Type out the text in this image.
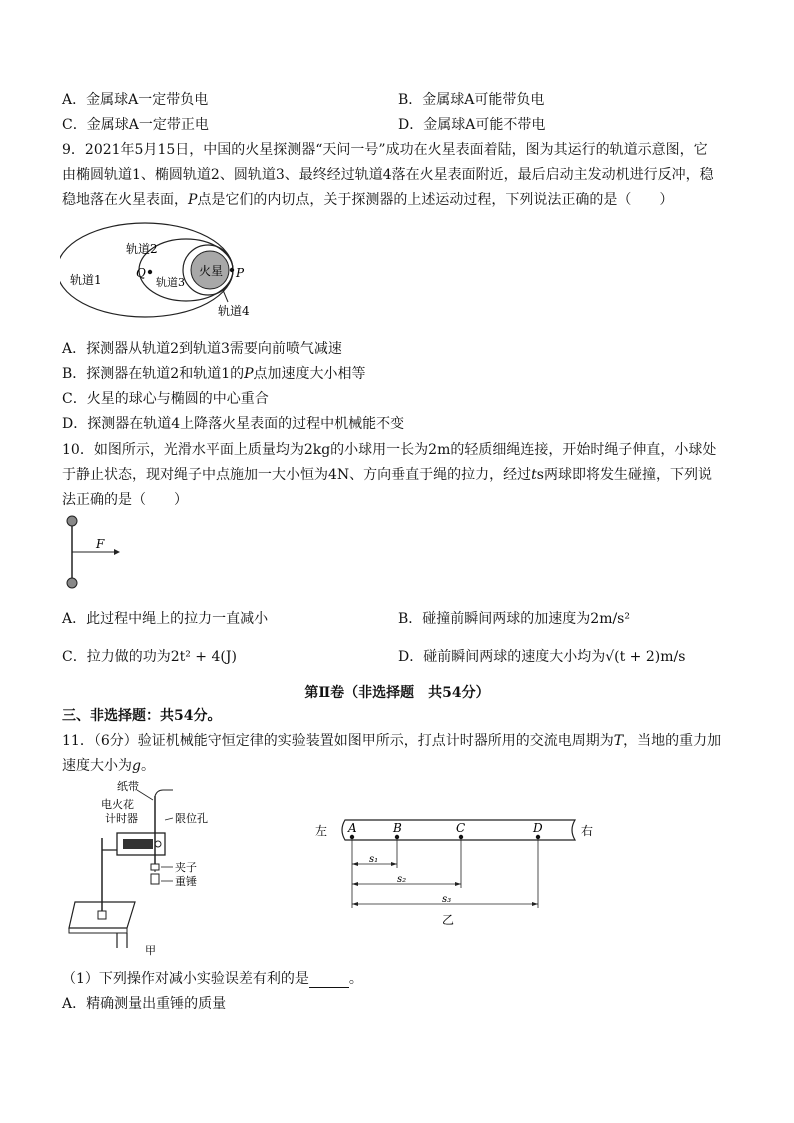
A．金属球A一定带负电	B．金属球A可能带负电
C．金属球A一定带正电	D．金属球A可能不带电
9．2021年5月15日，中国的火星探测器“天问一号”成功在火星表面着陆，图为其运行的轨道示意图，它
由椭圆轨道1、椭圆轨道2、圆轨道3、最终经过轨道4落在火星表面附近，最后启动主发动机进行反冲，稳
稳地落在火星表面，P点是它们的内切点，关于探测器的上述运动过程，下列说法正确的是（　　）
火星
轨道1
轨道2
轨道3
轨道4
Q	P
A．探测器从轨道2到轨道3需要向前喷气减速
B．探测器在轨道2和轨道1的P点加速度大小相等
C．火星的球心与椭圆的中心重合
D．探测器在轨道4上降落火星表面的过程中机械能不变
10．如图所示，光滑水平面上质量均为2kg的小球用一长为2m的轻质细绳连接，开始时绳子伸直，小球处
于静止状态，现对绳子中点施加一大小恒为4N、方向垂直于绳的拉力，经过ts两球即将发生碰撞，下列说
法正确的是（　　）
F
A．此过程中绳上的拉力一直减小	B．碰撞前瞬间两球的加速度为2m/s²
C．拉力做的功为2t² + 4(J)	D．碰前瞬间两球的速度大小均为√(t + 2)m/s
第Ⅱ卷（非选择题　共54分）
三、非选择题：共54分。
11．（6分）验证机械能守恒定律的实验装置如图甲所示，打点计时器所用的交流电周期为T，当地的重力加
速度大小为g。
纸带
电火花
计时器	限位孔
夹子
重锤
甲
s₁
s₂
s₃
左	右
A	B	C	D
乙
（1）下列操作对减小实验误差有利的是	。
A．精确测量出重锤的质量
